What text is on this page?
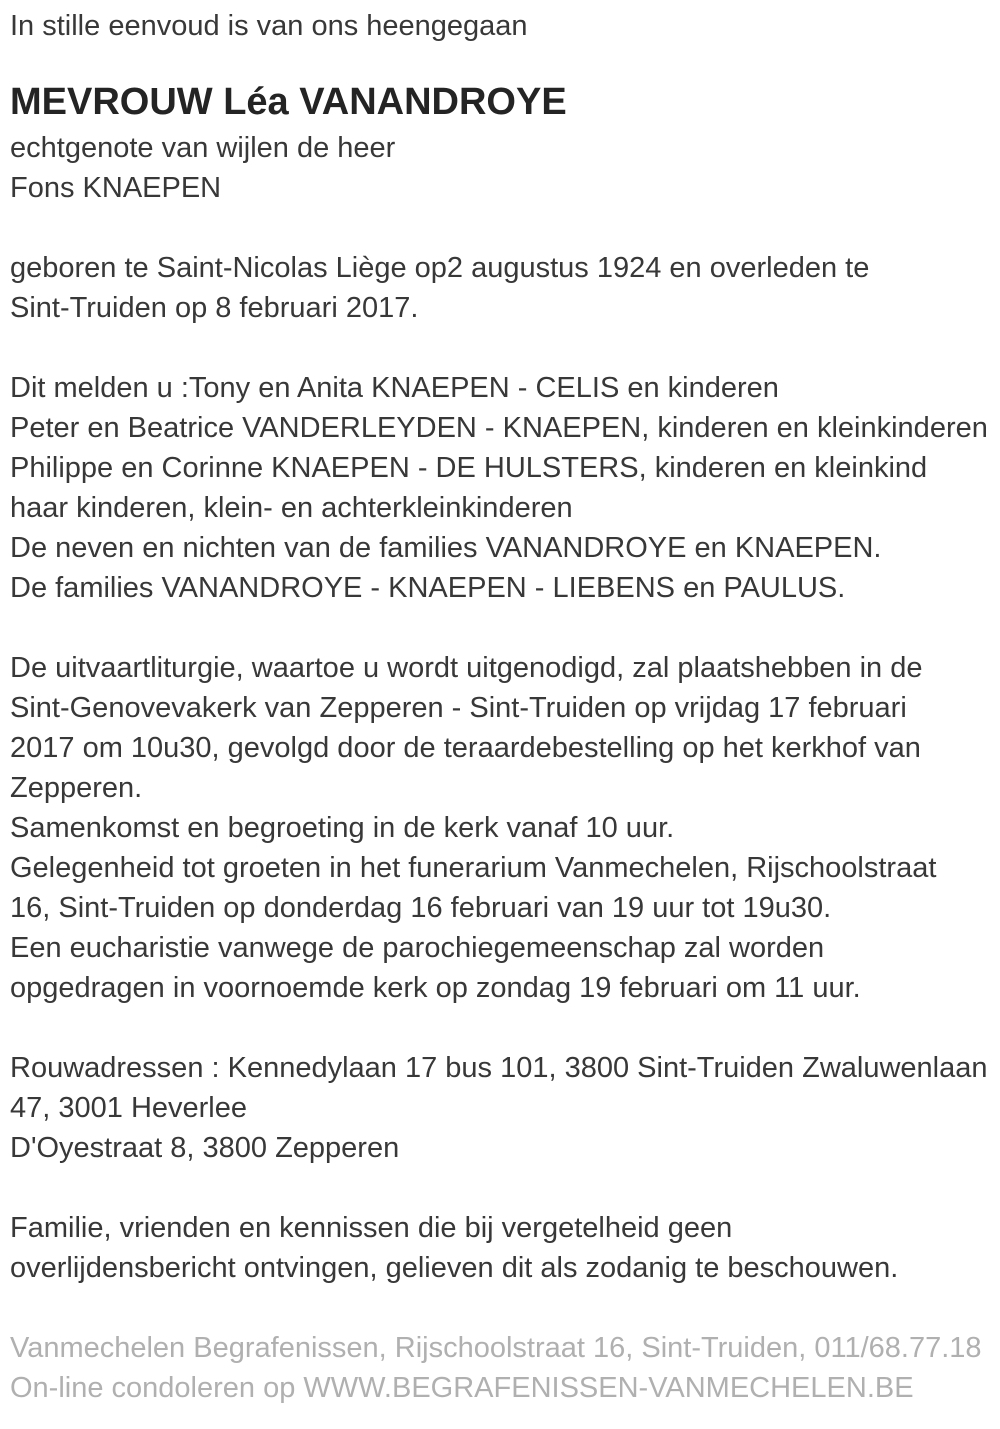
In stille eenvoud is van ons heengegaan
MEVROUW Léa VANANDROYE
echtgenote van wijlen de heer
Fons KNAEPEN
geboren te Saint-Nicolas Liège op2 augustus 1924 en overleden te
Sint-Truiden op 8 februari 2017.
Dit melden u :Tony en Anita KNAEPEN - CELIS en kinderen
Peter en Beatrice VANDERLEYDEN - KNAEPEN, kinderen en kleinkinderen
Philippe en Corinne KNAEPEN - DE HULSTERS, kinderen en kleinkind
haar kinderen, klein- en achterkleinkinderen
De neven en nichten van de families VANANDROYE en KNAEPEN.
De families VANANDROYE - KNAEPEN - LIEBENS en PAULUS.
De uitvaartliturgie, waartoe u wordt uitgenodigd, zal plaatshebben in de
Sint-Genovevakerk van Zepperen - Sint-Truiden op vrijdag 17 februari
2017 om 10u30, gevolgd door de teraardebestelling op het kerkhof van
Zepperen.
Samenkomst en begroeting in de kerk vanaf 10 uur.
Gelegenheid tot groeten in het funerarium Vanmechelen, Rijschoolstraat
16, Sint-Truiden op donderdag 16 februari van 19 uur tot 19u30.
Een eucharistie vanwege de parochiegemeenschap zal worden
opgedragen in voornoemde kerk op zondag 19 februari om 11 uur.
Rouwadressen : Kennedylaan 17 bus 101, 3800 Sint-Truiden Zwaluwenlaan
47, 3001 Heverlee
D'Oyestraat 8, 3800 Zepperen
Familie, vrienden en kennissen die bij vergetelheid geen
overlijdensbericht ontvingen, gelieven dit als zodanig te beschouwen.
Vanmechelen Begrafenissen, Rijschoolstraat 16, Sint-Truiden, 011/68.77.18
On-line condoleren op WWW.BEGRAFENISSEN-VANMECHELEN.BE
